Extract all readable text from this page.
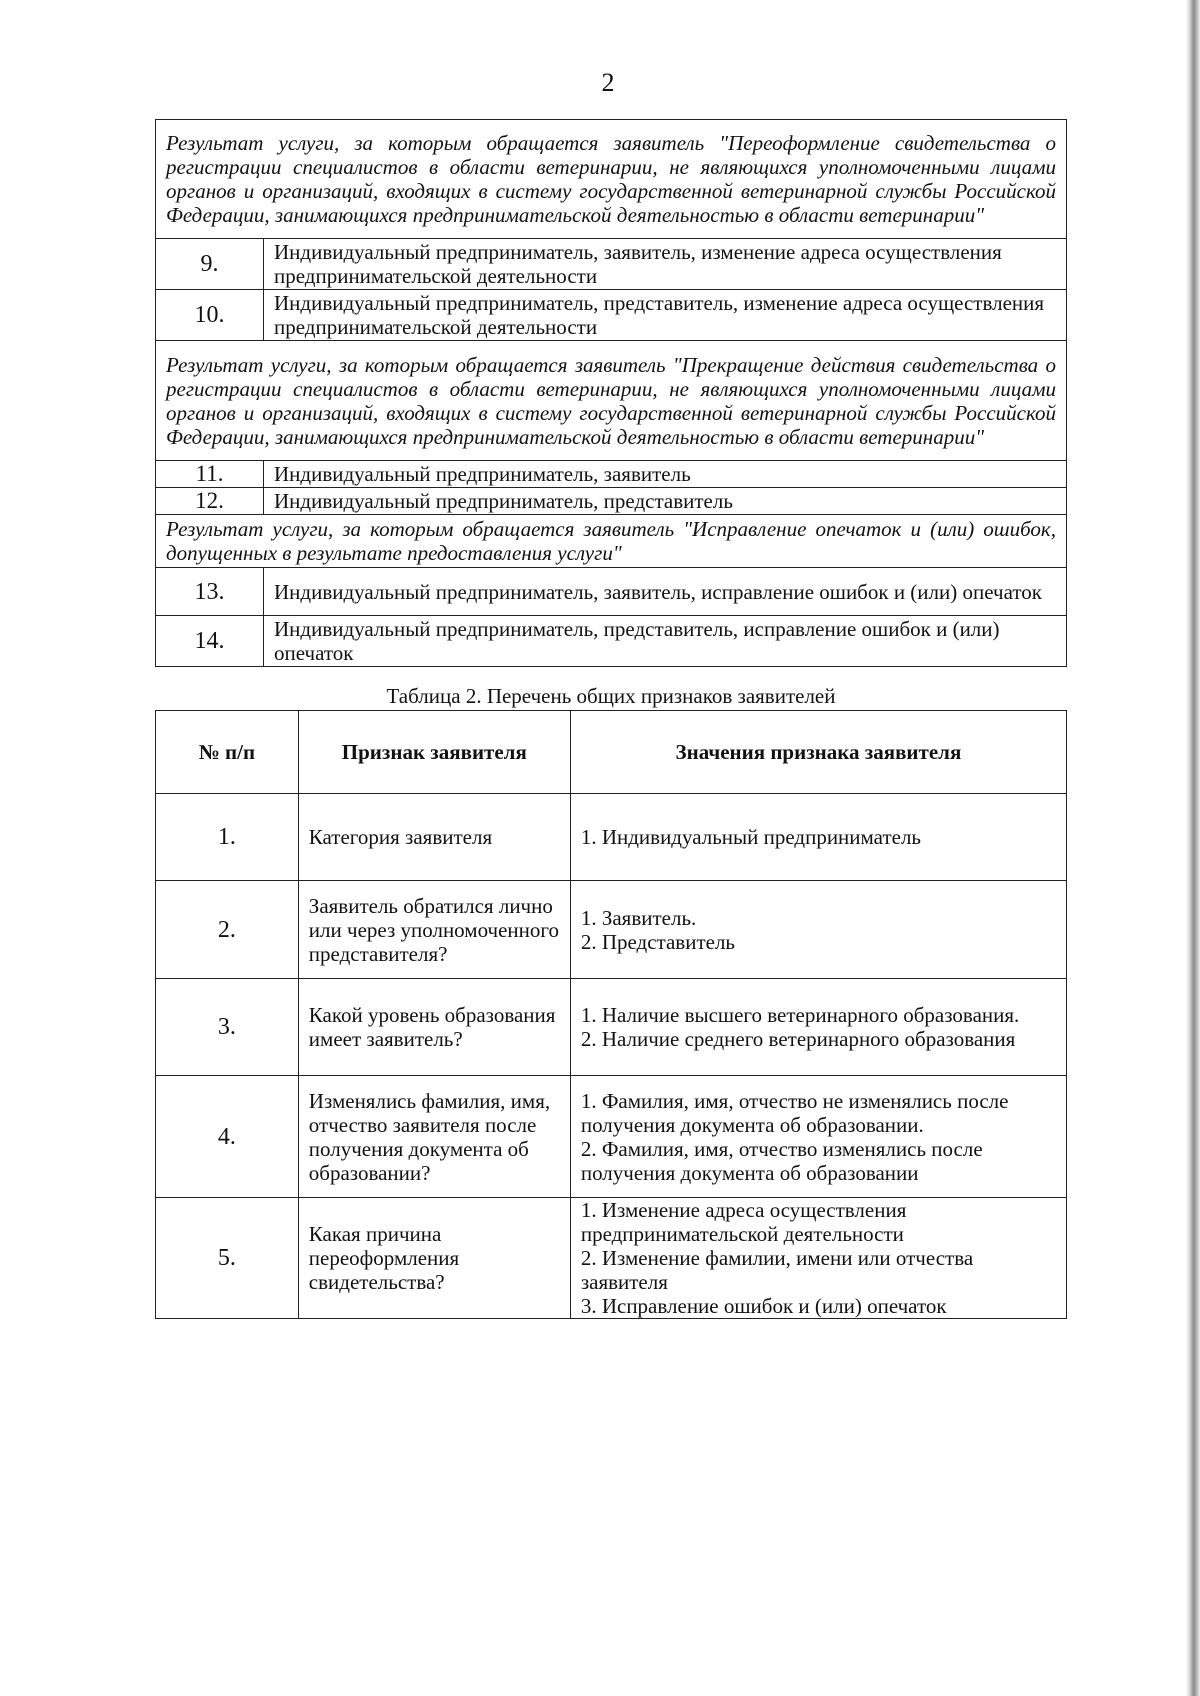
2
Результат услуги, за которым обращается заявитель "Переоформление свидетельства о регистрации специалистов в области ветеринарии, не являющихся уполномоченными лицами органов и организаций, входящих в систему государственной ветеринарной службы Российской Федерации, занимающихся предпринимательской деятельностью в области ветеринарии"	
9.	Индивидуальный предприниматель, заявитель, изменение адреса осуществления предпринимательской деятельности
10.	Индивидуальный предприниматель, представитель, изменение адреса осуществления предпринимательской деятельности
Результат услуги, за которым обращается заявитель "Прекращение действия свидетельства о регистрации специалистов в области ветеринарии, не являющихся уполномоченными лицами органов и организаций, входящих в систему государственной ветеринарной службы Российской Федерации, занимающихся предпринимательской деятельностью в области ветеринарии"	
11.	Индивидуальный предприниматель, заявитель
12.	Индивидуальный предприниматель, представитель
Результат услуги, за которым обращается заявитель "Исправление опечаток и (или) ошибок, допущенных в результате предоставления услуги"	
13.	Индивидуальный предприниматель, заявитель, исправление ошибок и (или) опечаток
14.	Индивидуальный предприниматель, представитель, исправление ошибок и (или) опечаток
Таблица 2. Перечень общих признаков заявителей
№ п/п	Признак заявителя	Значения признака заявителя
1.	Категория заявителя	1. Индивидуальный предприниматель

2.	Заявитель обратился лично или через уполномоченного представителя?	1. Заявитель.
2. Представитель

3.	Какой уровень образования имеет заявитель?	1. Наличие высшего ветеринарного образования.
2. Наличие среднего ветеринарного образования

4.	Изменялись фамилия, имя, отчество заявителя после получения документа об образовании?	1. Фамилия, имя, отчество не изменялись после получения документа об образовании.
2. Фамилия, имя, отчество изменялись после получения документа об образовании

5.	Какая причина переоформления свидетельства?	1. Изменение адреса осуществления предпринимательской деятельности
2. Изменение фамилии, имени или отчества заявителя
3. Исправление ошибок и (или) опечаток
